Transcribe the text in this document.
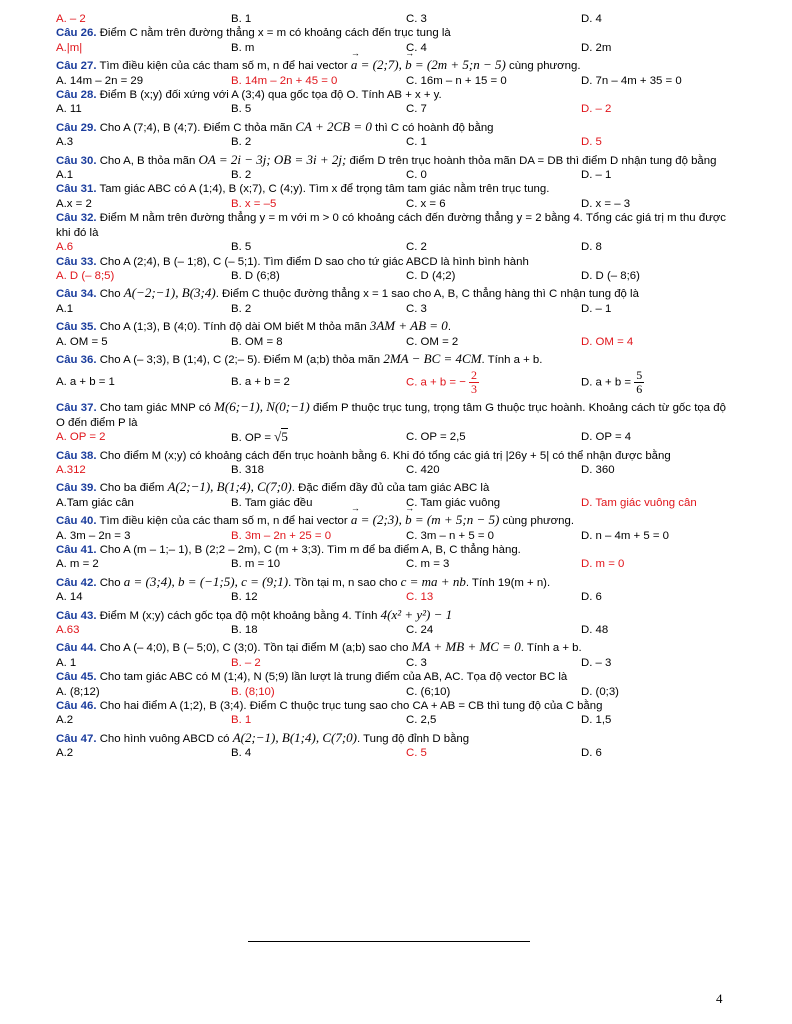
A. – 2	B. 1	C. 3	D. 4
Câu 26. Điểm C nằm trên đường thẳng x = m có khoảng cách đến trục tung là
A.|m|	B. m	C. 4	D. 2m
Câu 27. Tìm điều kiện của các tham số m, n để hai vector → a = (2;7), → b = (2m + 5;n − 5) cùng phương.
A. 14m – 2n = 29	B. 14m – 2n + 45 = 0	C. 16m – n + 15 = 0	D. 7n – 4m + 35 = 0
Câu 28. Điểm B (x;y) đối xứng với A (3;4) qua gốc tọa độ O. Tính AB + x + y.
A. 11	B. 5	C. 7	D. – 2
Câu 29. Cho A (7;4), B (4;7). Điểm C thỏa mãn CA + 2CB = 0 thì C có hoành độ bằng
A.3	B. 2	C. 1	D. 5
Câu 30. Cho A, B thỏa mãn OA = 2i − 3j; OB = 3i + 2j; điểm D trên trục hoành thỏa mãn DA = DB thì điểm D nhận tung độ bằng
A.1	B. 2	C. 0	D. – 1
Câu 31. Tam giác ABC có A (1;4), B (x;7), C (4;y). Tìm x để trọng tâm tam giác nằm trên trục tung.
A.x = 2	B. x = –5	C. x = 6	D. x = – 3
Câu 32. Điểm M nằm trên đường thẳng y = m với m > 0 có khoảng cách đến đường thẳng y = 2 bằng 4. Tổng các giá trị m thu được khi đó là
A.6	B. 5	C. 2	D. 8
Câu 33. Cho A (2;4), B (– 1;8), C (– 5;1). Tìm điểm D sao cho tứ giác ABCD là hình bình hành
A. D (– 8;5)	B. D (6;8)	C. D (4;2)	D. D (– 8;6)
Câu 34. Cho A(−2;−1), B(3;4). Điểm C thuộc đường thẳng x = 1 sao cho A, B, C thẳng hàng thì C nhận tung độ là
A.1	B. 2	C. 3	D. – 1
Câu 35. Cho A (1;3), B (4;0). Tính độ dài OM biết M thỏa mãn 3AM + AB = 0.
A. OM = 5	B. OM = 8	C. OM = 2	D. OM = 4
Câu 36. Cho A (– 3;3), B (1;4), C (2;– 5). Điểm M (a;b) thỏa mãn 2MA − BC = 4CM. Tính a + b.
A. a + b = 1	B. a + b = 2	C. a + b = − $\frac{2}{3}$	D. $a + b = \frac{5}{6}$
Câu 37. Cho tam giác MNP có M(6;−1), N(0;−1) điểm P thuộc trục tung, trọng tâm G thuộc trục hoành. Khoảng cách từ gốc tọa độ O đến điểm P là
A. OP = 2	B. OP = √5	C. OP = 2,5	D. OP = 4
Câu 38. Cho điểm M (x;y) có khoảng cách đến trục hoành bằng 6. Khi đó tổng các giá trị |26y + 5| có thể nhận được bằng
A.312	B. 318	C. 420	D. 360
Câu 39. Cho ba điểm A(2;−1), B(1;4), C(7;0). Đặc điểm đầy đủ của tam giác ABC là
A.Tam giác cân	B. Tam giác đều	C. Tam giác vuông	D. Tam giác vuông cân
Câu 40. Tìm điều kiện của các tham số m, n để hai vector → a = (2;3), → b = (m + 5;n − 5) cùng phương.
A. 3m – 2n = 3	B. 3m – 2n + 25 = 0	C. 3m – n + 5 = 0	D. n – 4m + 5 = 0
Câu 41. Cho A (m – 1;– 1), B (2;2 – 2m), C (m + 3;3). Tìm m để ba điểm A, B, C thẳng hàng.
A. m = 2	B. m = 10	C. m = 3	D. m = 0
Câu 42. Cho a = (3;4), b = (−1;5), c = (9;1). Tồn tại m, n sao cho c = ma + nb. Tính 19(m + n).
A. 14	B. 12	C. 13	D. 6
Câu 43. Điểm M (x;y) cách gốc tọa độ một khoảng bằng 4. Tính 4(x² + y²) − 1
A.63	B. 18	C. 24	D. 48
Câu 44. Cho A (– 4;0), B (– 5;0), C (3;0). Tồn tại điểm M (a;b) sao cho MA + MB + MC = 0. Tính a + b.
A. 1	B. – 2	C. 3	D. – 3
Câu 45. Cho tam giác ABC có M (1;4), N (5;9) lần lượt là trung điểm của AB, AC. Tọa độ vector BC là
A. (8;12)	B. (8;10)	C. (6;10)	D. (0;3)
Câu 46. Cho hai điểm A (1;2), B (3;4). Điểm C thuộc trục tung sao cho CA + AB = CB thì tung độ của C bằng
A.2	B. 1	C. 2,5	D. 1,5
Câu 47. Cho hình vuông ABCD có A(2;−1), B(1;4), C(7;0). Tung độ đỉnh D bằng
A.2	B. 4	C. 5	D. 6
4
